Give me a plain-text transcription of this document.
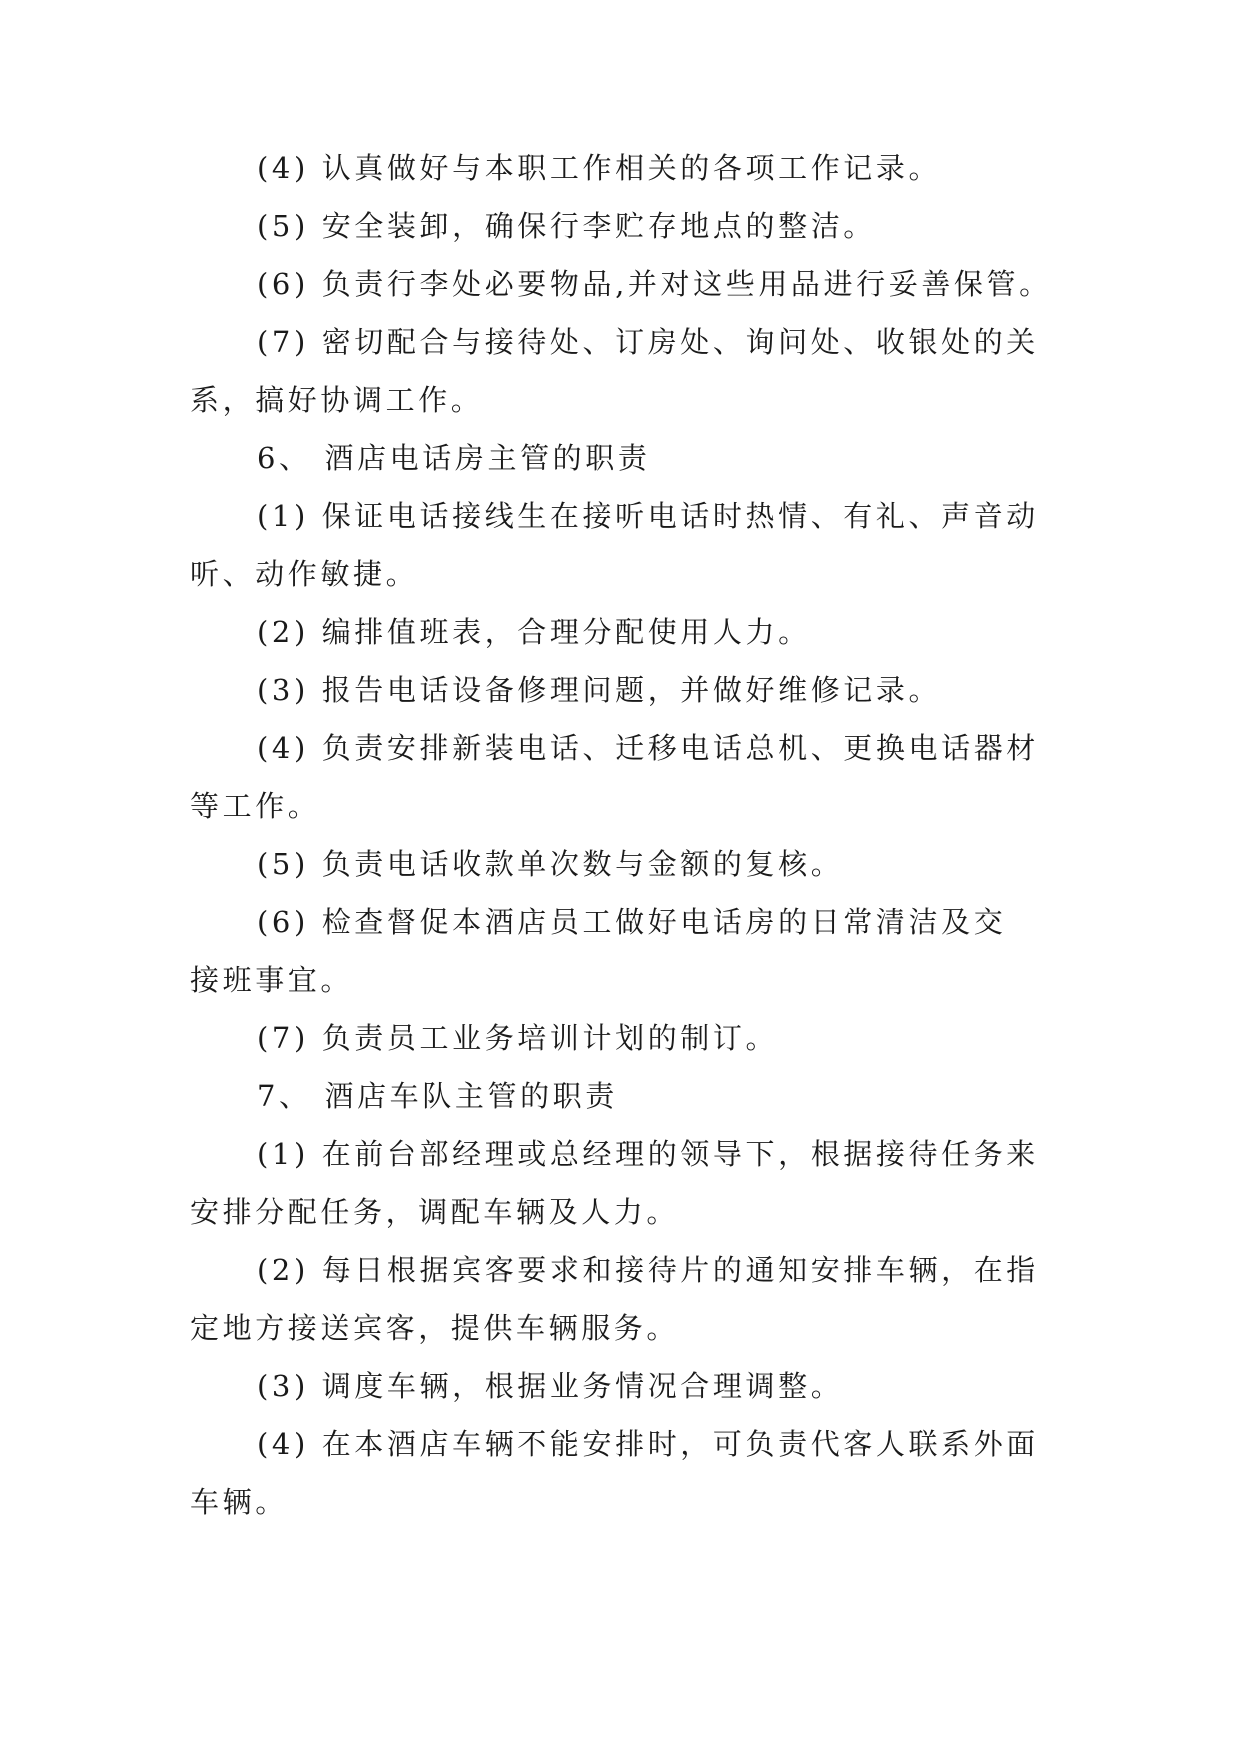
(4) 认真做好与本职工作相关的各项工作记录。

(5) 安全装卸，确保行李贮存地点的整洁。

(6) 负责行李处必要物品,并对这些用品进行妥善保管。

(7) 密切配合与接待处、订房处、询问处、收银处的关

系，搞好协调工作。

6、 酒店电话房主管的职责

(1) 保证电话接线生在接听电话时热情、有礼、声音动

听、动作敏捷。

(2) 编排值班表，合理分配使用人力。

(3) 报告电话设备修理问题，并做好维修记录。

(4) 负责安排新装电话、迁移电话总机、更换电话器材

等工作。

(5) 负责电话收款单次数与金额的复核。

(6) 检查督促本酒店员工做好电话房的日常清洁及交

接班事宜。

(7) 负责员工业务培训计划的制订。

7、 酒店车队主管的职责

(1) 在前台部经理或总经理的领导下，根据接待任务来

安排分配任务，调配车辆及人力。

(2) 每日根据宾客要求和接待片的通知安排车辆，在指

定地方接送宾客，提供车辆服务。

(3) 调度车辆，根据业务情况合理调整。

(4) 在本酒店车辆不能安排时，可负责代客人联系外面

车辆。
